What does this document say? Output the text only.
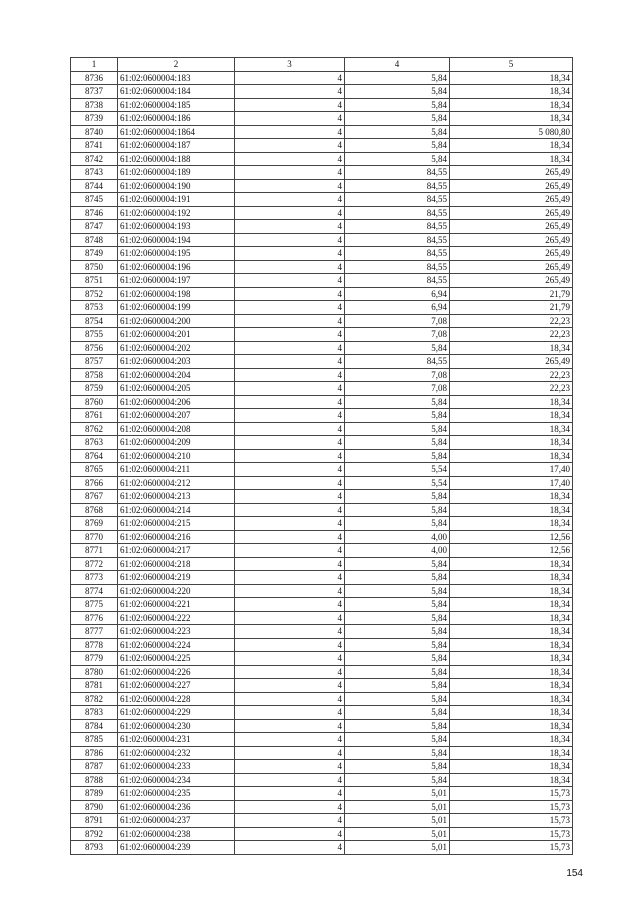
1	2	3	4	5
8736	61:02:0600004:183	4	5,84	18,34
8737	61:02:0600004:184	4	5,84	18,34
8738	61:02:0600004:185	4	5,84	18,34
8739	61:02:0600004:186	4	5,84	18,34
8740	61:02:0600004:1864	4	5,84	5 080,80
8741	61:02:0600004:187	4	5,84	18,34
8742	61:02:0600004:188	4	5,84	18,34
8743	61:02:0600004:189	4	84,55	265,49
8744	61:02:0600004:190	4	84,55	265,49
8745	61:02:0600004:191	4	84,55	265,49
8746	61:02:0600004:192	4	84,55	265,49
8747	61:02:0600004:193	4	84,55	265,49
8748	61:02:0600004:194	4	84,55	265,49
8749	61:02:0600004:195	4	84,55	265,49
8750	61:02:0600004:196	4	84,55	265,49
8751	61:02:0600004:197	4	84,55	265,49
8752	61:02:0600004:198	4	6,94	21,79
8753	61:02:0600004:199	4	6,94	21,79
8754	61:02:0600004:200	4	7,08	22,23
8755	61:02:0600004:201	4	7,08	22,23
8756	61:02:0600004:202	4	5,84	18,34
8757	61:02:0600004:203	4	84,55	265,49
8758	61:02:0600004:204	4	7,08	22,23
8759	61:02:0600004:205	4	7,08	22,23
8760	61:02:0600004:206	4	5,84	18,34
8761	61:02:0600004:207	4	5,84	18,34
8762	61:02:0600004:208	4	5,84	18,34
8763	61:02:0600004:209	4	5,84	18,34
8764	61:02:0600004:210	4	5,84	18,34
8765	61:02:0600004:211	4	5,54	17,40
8766	61:02:0600004:212	4	5,54	17,40
8767	61:02:0600004:213	4	5,84	18,34
8768	61:02:0600004:214	4	5,84	18,34
8769	61:02:0600004:215	4	5,84	18,34
8770	61:02:0600004:216	4	4,00	12,56
8771	61:02:0600004:217	4	4,00	12,56
8772	61:02:0600004:218	4	5,84	18,34
8773	61:02:0600004:219	4	5,84	18,34
8774	61:02:0600004:220	4	5,84	18,34
8775	61:02:0600004:221	4	5,84	18,34
8776	61:02:0600004:222	4	5,84	18,34
8777	61:02:0600004:223	4	5,84	18,34
8778	61:02:0600004:224	4	5,84	18,34
8779	61:02:0600004:225	4	5,84	18,34
8780	61:02:0600004:226	4	5,84	18,34
8781	61:02:0600004:227	4	5,84	18,34
8782	61:02:0600004:228	4	5,84	18,34
8783	61:02:0600004:229	4	5,84	18,34
8784	61:02:0600004:230	4	5,84	18,34
8785	61:02:0600004:231	4	5,84	18,34
8786	61:02:0600004:232	4	5,84	18,34
8787	61:02:0600004:233	4	5,84	18,34
8788	61:02:0600004:234	4	5,84	18,34
8789	61:02:0600004:235	4	5,01	15,73
8790	61:02:0600004:236	4	5,01	15,73
8791	61:02:0600004:237	4	5,01	15,73
8792	61:02:0600004:238	4	5,01	15,73
8793	61:02:0600004:239	4	5,01	15,73
154
